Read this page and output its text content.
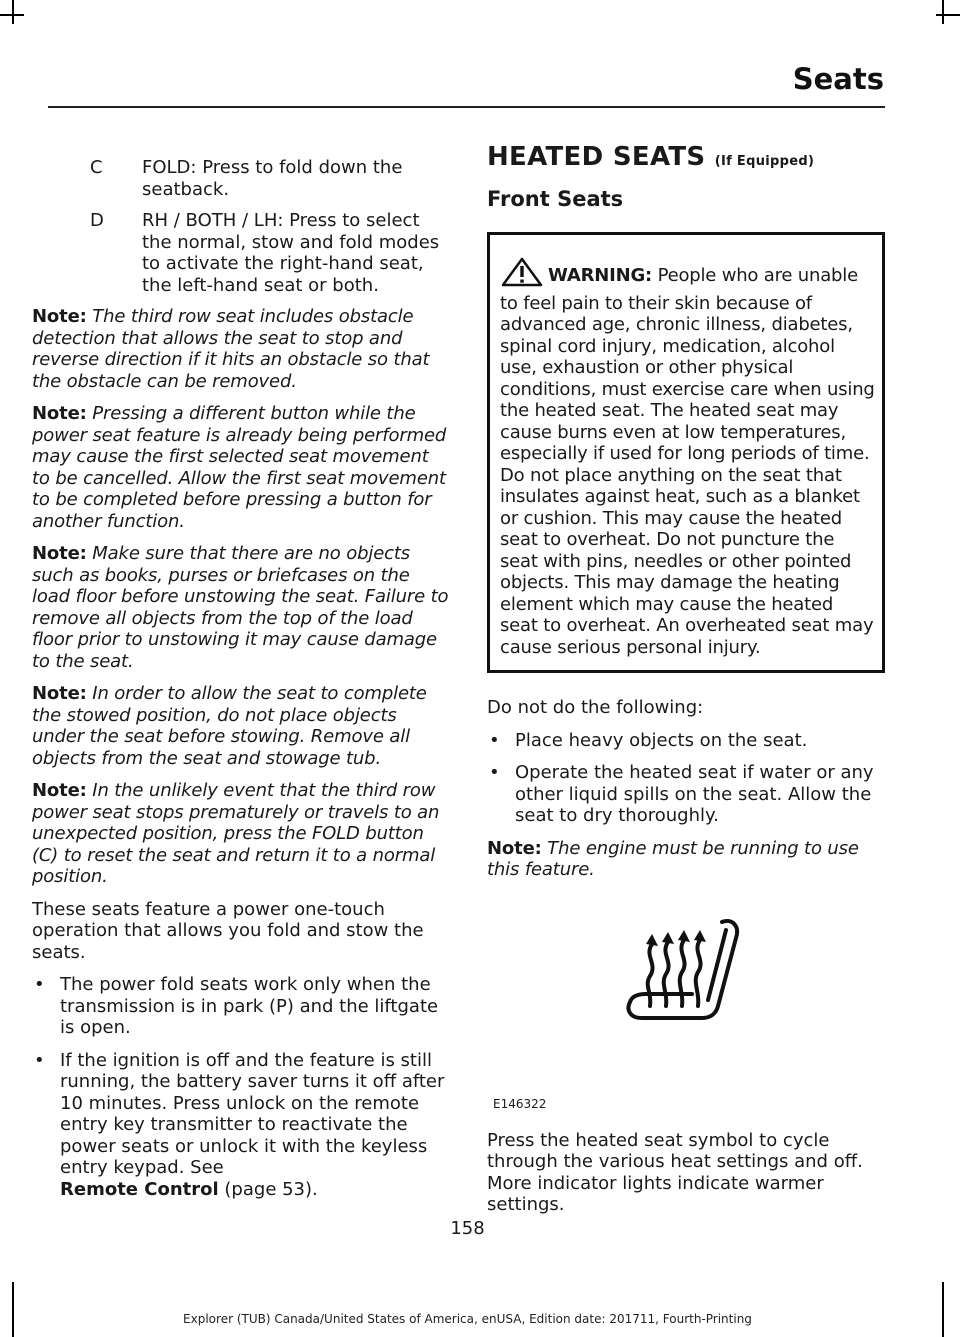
Seats
C	FOLD: Press to fold down the seatback.
D	RH / BOTH / LH: Press to select the normal, stow and fold modes to activate the right-hand seat, the left-hand seat or both.
Note: The third row seat includes obstacle detection that allows the seat to stop and reverse direction if it hits an obstacle so that the obstacle can be removed.
Note: Pressing a different button while the power seat feature is already being performed may cause the first selected seat movement to be cancelled. Allow the first seat movement to be completed before pressing a button for another function.
Note: Make sure that there are no objects such as books, purses or briefcases on the load floor before unstowing the seat. Failure to remove all objects from the top of the load floor prior to unstowing it may cause damage to the seat.
Note: In order to allow the seat to complete the stowed position, do not place objects under the seat before stowing. Remove all objects from the seat and stowage tub.
Note: In the unlikely event that the third row power seat stops prematurely or travels to an unexpected position, press the FOLD button (C) to reset the seat and return it to a normal position.
These seats feature a power one-touch operation that allows you fold and stow the seats.
• The power fold seats work only when the transmission is in park (P) and the liftgate is open.
• If the ignition is off and the feature is still running, the battery saver turns it off after 10 minutes. Press unlock on the remote entry key transmitter to reactivate the power seats or unlock it with the keyless entry keypad. See
Remote Control (page 53).
HEATED SEATS (If Equipped)
Front Seats
WARNING: People who are unable to feel pain to their skin because of advanced age, chronic illness, diabetes, spinal cord injury, medication, alcohol use, exhaustion or other physical conditions, must exercise care when using the heated seat. The heated seat may cause burns even at low temperatures, especially if used for long periods of time. Do not place anything on the seat that insulates against heat, such as a blanket or cushion. This may cause the heated seat to overheat. Do not puncture the seat with pins, needles or other pointed objects. This may damage the heating element which may cause the heated seat to overheat. An overheated seat may cause serious personal injury.
Do not do the following:
• Place heavy objects on the seat.
• Operate the heated seat if water or any other liquid spills on the seat. Allow the seat to dry thoroughly.
Note: The engine must be running to use this feature.
E146322
Press the heated seat symbol to cycle through the various heat settings and off. More indicator lights indicate warmer settings.
158
Explorer (TUB) Canada/United States of America, enUSA, Edition date: 201711, Fourth-Printing
